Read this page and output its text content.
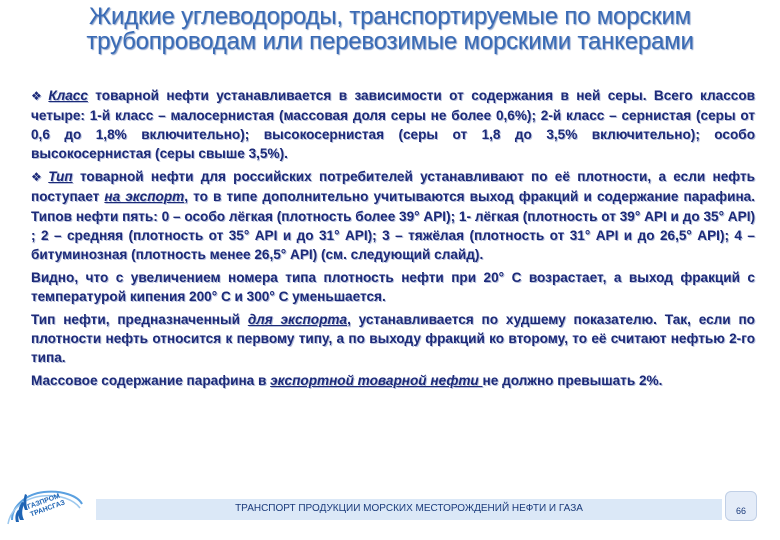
Жидкие углеводороды, транспортируемые по морским трубопроводам или перевозимые морскими танкерами

❖ Класс товарной нефти устанавливается в зависимости от содержания в ней серы. Всего классов четыре: 1-й класс – малосернистая (массовая доля серы не более 0,6%); 2-й класс – сернистая (серы от 0,6 до 1,8% включительно); высокосернистая (серы от 1,8 до 3,5% включительно); особо высокосернистая (серы свыше 3,5%).

❖ Тип товарной нефти для российских потребителей устанавливают по её плотности, а если нефть поступает на экспорт, то в типе дополнительно учитываются выход фракций и содержание парафина. Типов нефти пять: 0 – особо лёгкая (плотность более 39° API); 1- лёгкая (плотность от 39° API и до 35° API) ; 2 – средняя (плотность от 35° API и до 31° API); 3 – тяжёлая (плотность от 31° API и до 26,5° API); 4 – битуминозная (плотность менее 26,5° API) (см. следующий слайд).

Видно, что с увеличением номера типа плотность нефти при 20° С возрастает, а выход фракций с температурой кипения 200° С и 300° С уменьшается.

Тип нефти, предназначенный для экспорта, устанавливается по худшему показателю. Так, если по плотности нефть относится к первому типу, а по выходу фракций ко второму, то её считают нефтью 2-го типа.

Массовое содержание парафина в экспортной товарной нефти не должно превышать 2%.

ГАЗПРОМ ТРАНСГАЗ	ТРАНСПОРТ ПРОДУКЦИИ МОРСКИХ МЕСТОРОЖДЕНИЙ НЕФТИ И ГАЗА	66
